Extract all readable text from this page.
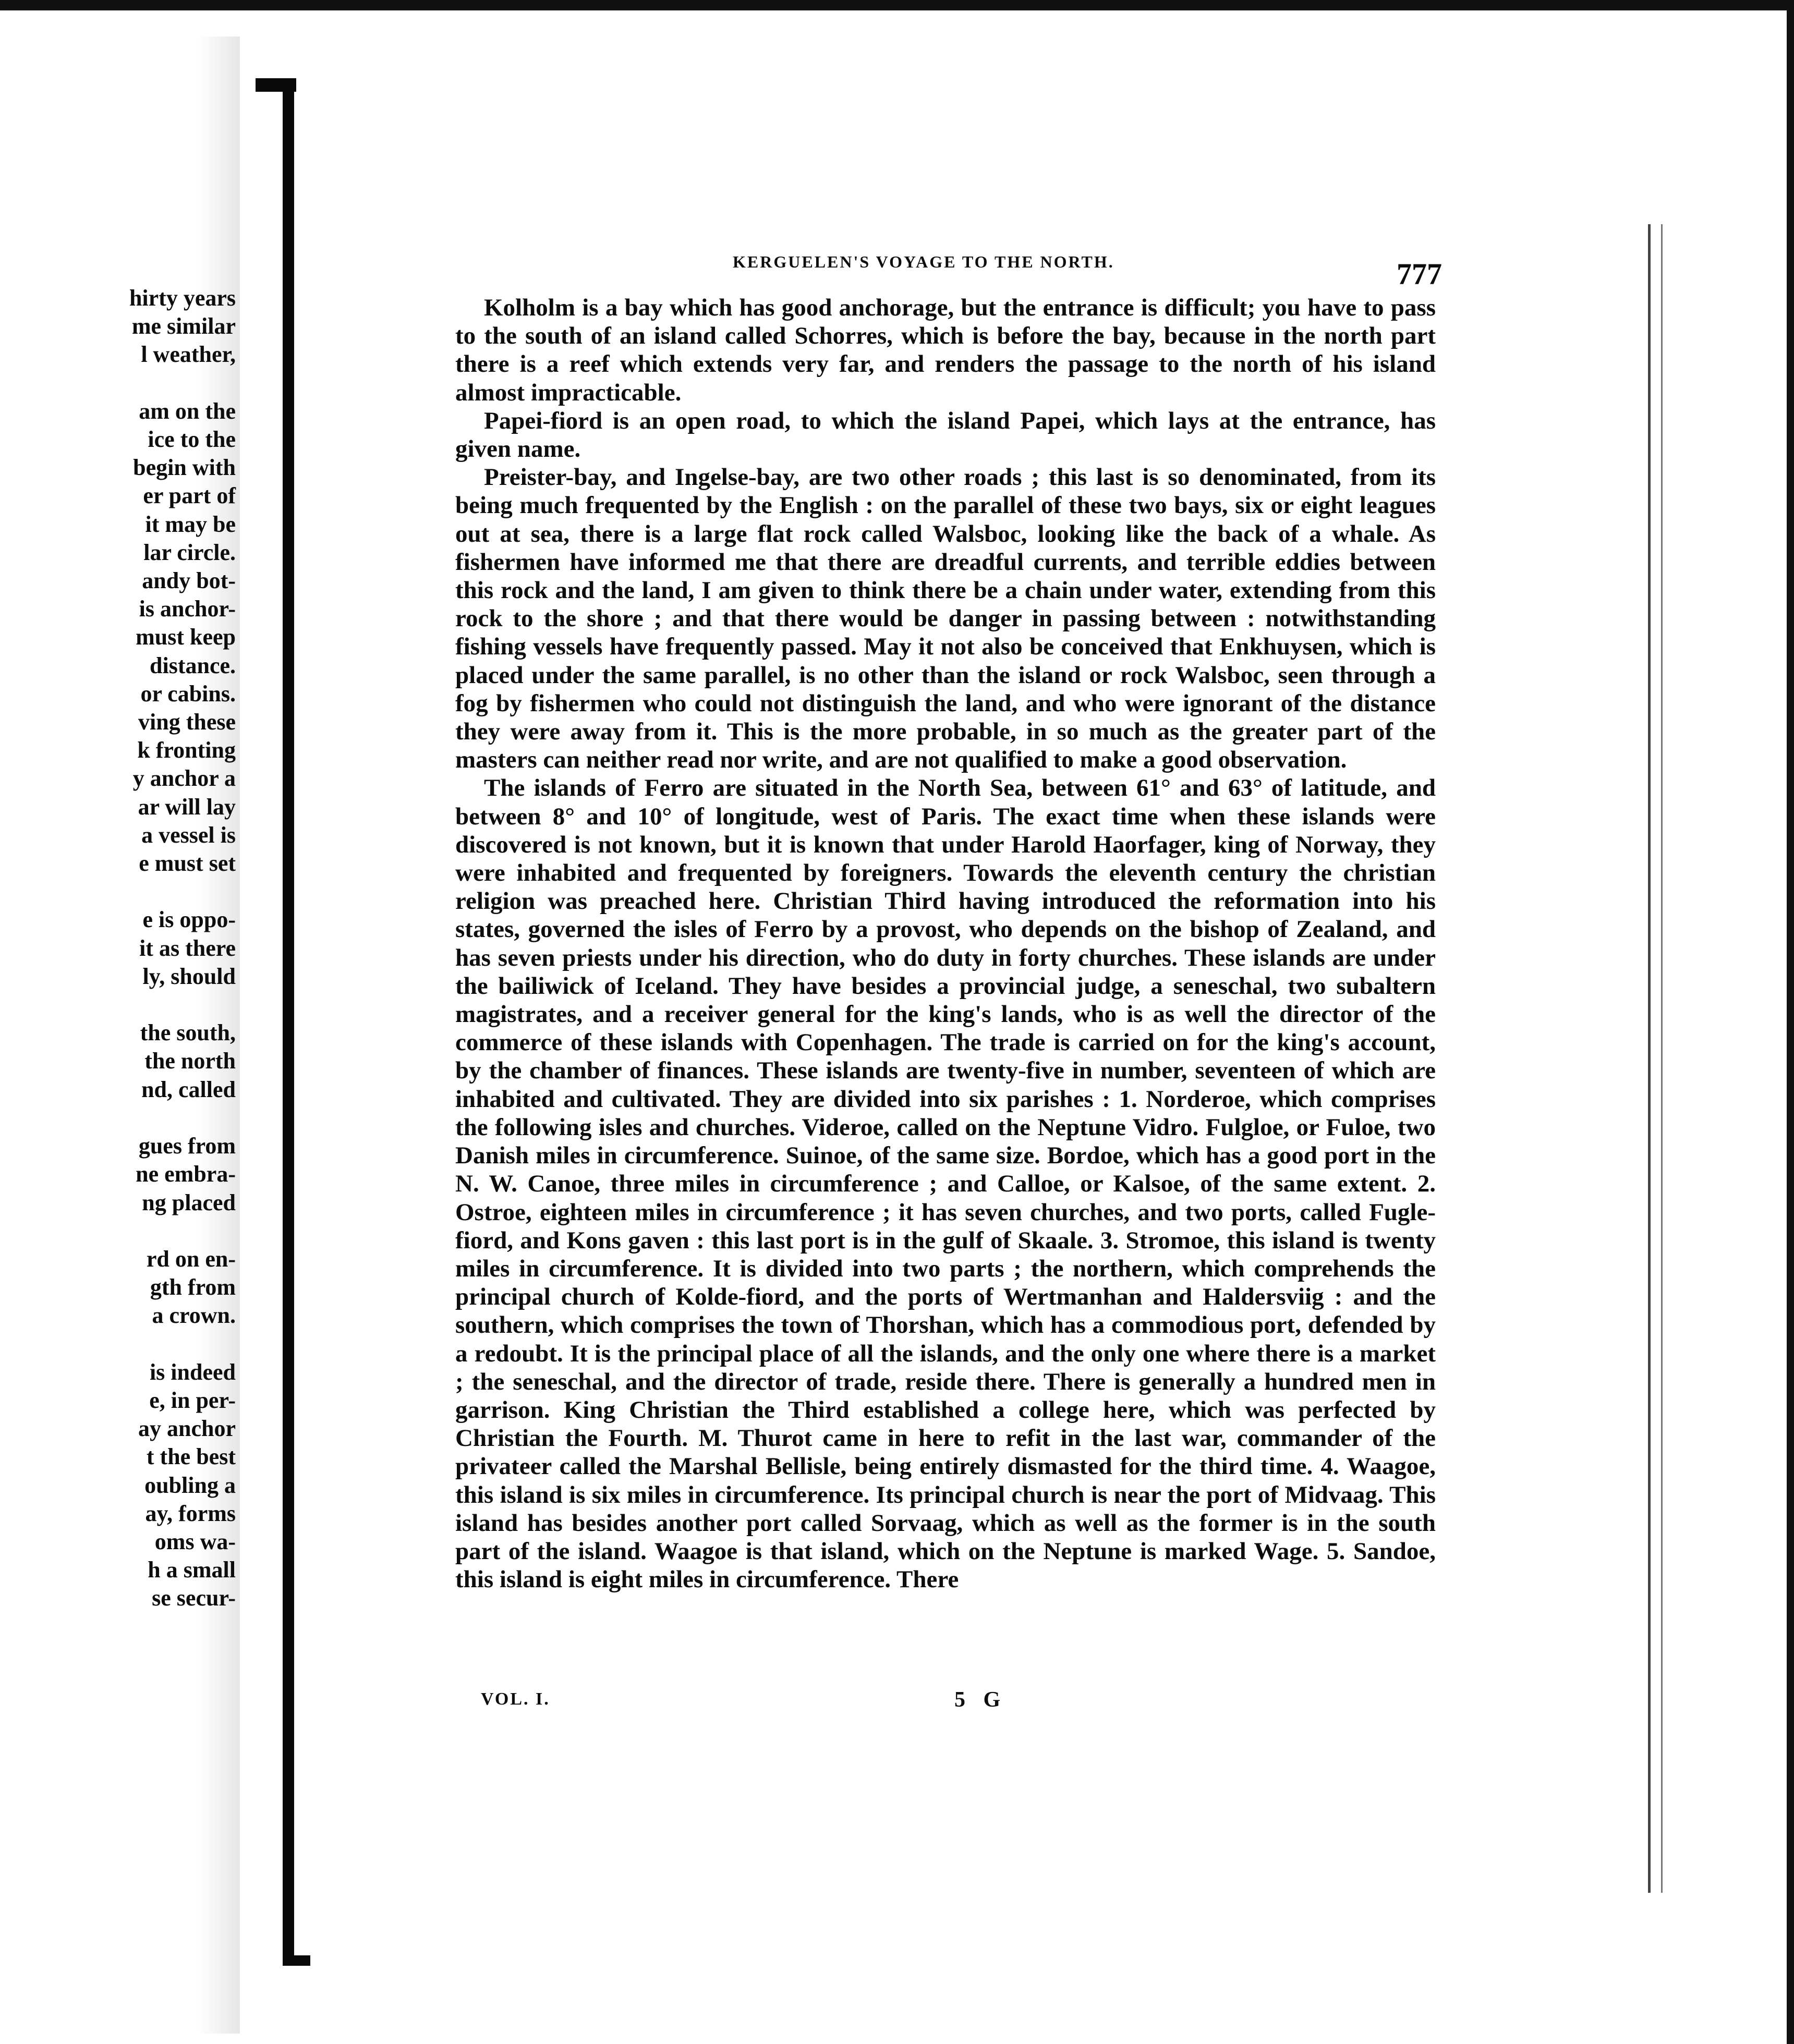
hirty years
me similar
l weather,

am on the
ice to the
begin with
er part of
it may be
lar circle.
andy bot-
is anchor-
must keep
distance.
or cabins.
ving these
k fronting
y anchor a
ar will lay
a vessel is
e must set

e is oppo-
it as there
ly, should

the south,
the north
nd, called

gues from
ne embra-
ng placed

rd on en-
gth from
a crown.

is indeed
e, in per-
ay anchor
t the best
oubling a
ay, forms
oms wa-
h a small
se secur-
KERGUELEN'S VOYAGE TO THE NORTH.	777

Kolholm is a bay which has good anchorage, but the entrance is difficult; you have to pass to the south of an island called Schorres, which is before the bay, because in the north part there is a reef which extends very far, and renders the passage to the north of his island almost impracticable.

Papei-fiord is an open road, to which the island Papei, which lays at the entrance, has given name.

Preister-bay, and Ingelse-bay, are two other roads ; this last is so denominated, from its being much frequented by the English : on the parallel of these two bays, six or eight leagues out at sea, there is a large flat rock called Walsboc, looking like the back of a whale. As fishermen have informed me that there are dreadful currents, and terrible eddies between this rock and the land, I am given to think there be a chain under water, extending from this rock to the shore ; and that there would be danger in passing between : notwithstanding fishing vessels have frequently passed. May it not also be conceived that Enkhuysen, which is placed under the same parallel, is no other than the island or rock Walsboc, seen through a fog by fishermen who could not distinguish the land, and who were ignorant of the distance they were away from it. This is the more probable, in so much as the greater part of the masters can neither read nor write, and are not qualified to make a good observation.

The islands of Ferro are situated in the North Sea, between 61° and 63° of latitude, and between 8° and 10° of longitude, west of Paris. The exact time when these islands were discovered is not known, but it is known that under Harold Haorfager, king of Norway, they were inhabited and frequented by foreigners. Towards the eleventh century the christian religion was preached here. Christian Third having introduced the reformation into his states, governed the isles of Ferro by a provost, who depends on the bishop of Zealand, and has seven priests under his direction, who do duty in forty churches. These islands are under the bailiwick of Iceland. They have besides a provincial judge, a seneschal, two subaltern magistrates, and a receiver general for the king's lands, who is as well the director of the commerce of these islands with Copenhagen. The trade is carried on for the king's account, by the chamber of finances. These islands are twenty-five in number, seventeen of which are inhabited and cultivated. They are divided into six parishes : 1. Norderoe, which comprises the following isles and churches. Videroe, called on the Neptune Vidro. Fulgloe, or Fuloe, two Danish miles in circumference. Suinoe, of the same size. Bordoe, which has a good port in the N. W. Canoe, three miles in circumference ; and Calloe, or Kalsoe, of the same extent. 2. Ostroe, eighteen miles in circumference ; it has seven churches, and two ports, called Fugle-fiord, and Kons gaven : this last port is in the gulf of Skaale. 3. Stromoe, this island is twenty miles in circumference. It is divided into two parts ; the northern, which comprehends the principal church of Kolde-fiord, and the ports of Wertmanhan and Haldersviig : and the southern, which comprises the town of Thorshan, which has a commodious port, defended by a redoubt. It is the principal place of all the islands, and the only one where there is a market ; the seneschal, and the director of trade, reside there. There is generally a hundred men in garrison. King Christian the Third established a college here, which was perfected by Christian the Fourth. M. Thurot came in here to refit in the last war, commander of the privateer called the Marshal Bellisle, being entirely dismasted for the third time. 4. Waagoe, this island is six miles in circumference. Its principal church is near the port of Midvaag. This island has besides another port called Sorvaag, which as well as the former is in the south part of the island. Waagoe is that island, which on the Neptune is marked Wage. 5. Sandoe, this island is eight miles in circumference. There

VOL. I.	5 G
